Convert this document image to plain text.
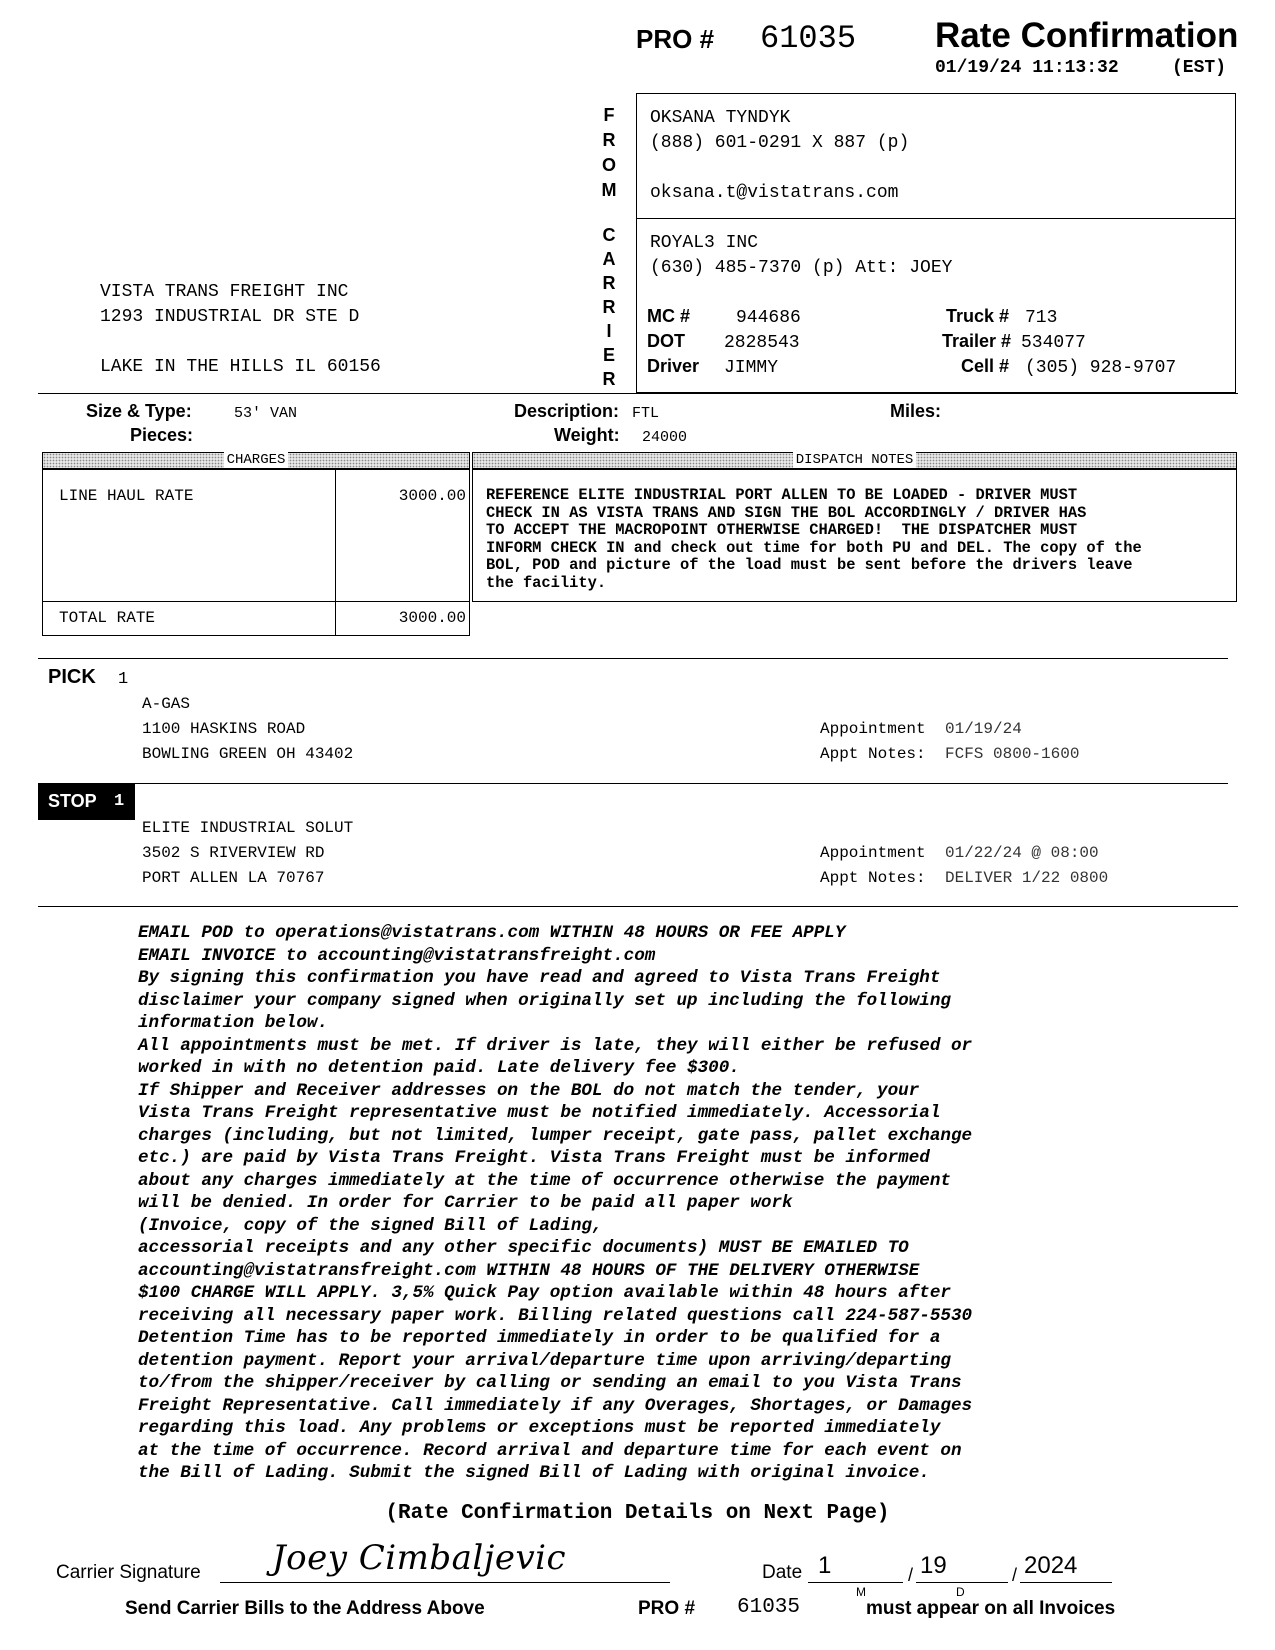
PRO # 61035 Rate Confirmation
01/19/24 11:13:32	(EST)
F
R
O
M
C
A
R
R
I
E
R
VISTA TRANS FREIGHT INC
1293 INDUSTRIAL DR STE D
LAKE IN THE HILLS IL 60156
OKSANA TYNDYK
(888) 601-0291 X 887 (p)
oksana.t@vistatrans.com
ROYAL3 INC
(630) 485-7370 (p) Att: JOEY
MC #	944686
DOT 2828543
Driver JIMMY
Truck # 713
Trailer # 534077
Cell # (305) 928-9707
Size & Type:	53' VAN
Pieces:
Description: FTL
Weight: 24000
Miles:
CHARGES
LINE HAUL RATE	3000.00
TOTAL RATE	3000.00
DISPATCH NOTES
REFERENCE ELITE INDUSTRIAL PORT ALLEN TO BE LOADED - DRIVER MUST
CHECK IN AS VISTA TRANS AND SIGN THE BOL ACCORDINGLY / DRIVER HAS
TO ACCEPT THE MACROPOINT OTHERWISE CHARGED!  THE DISPATCHER MUST
INFORM CHECK IN and check out time for both PU and DEL. The copy of the
BOL, POD and picture of the load must be sent before the drivers leave
the facility.
PICK 1
A-GAS
1100 HASKINS ROAD
BOWLING GREEN OH 43402
Appointment 01/19/24
Appt Notes: FCFS 0800-1600
STOP 1
ELITE INDUSTRIAL SOLUT
3502 S RIVERVIEW RD
PORT ALLEN LA 70767
Appointment 01/22/24 @ 08:00
Appt Notes: DELIVER 1/22 0800
EMAIL POD to operations@vistatrans.com WITHIN 48 HOURS OR FEE APPLY
EMAIL INVOICE to accounting@vistatransfreight.com
By signing this confirmation you have read and agreed to Vista Trans Freight
disclaimer your company signed when originally set up including the following
information below.
All appointments must be met. If driver is late, they will either be refused or
worked in with no detention paid. Late delivery fee $300.
If Shipper and Receiver addresses on the BOL do not match the tender, your
Vista Trans Freight representative must be notified immediately. Accessorial
charges (including, but not limited, lumper receipt, gate pass, pallet exchange
etc.) are paid by Vista Trans Freight. Vista Trans Freight must be informed
about any charges immediately at the time of occurrence otherwise the payment
will be denied. In order for Carrier to be paid all paper work
(Invoice, copy of the signed Bill of Lading,
accessorial receipts and any other specific documents) MUST BE EMAILED TO
accounting@vistatransfreight.com WITHIN 48 HOURS OF THE DELIVERY OTHERWISE
$100 CHARGE WILL APPLY. 3,5% Quick Pay option available within 48 hours after
receiving all necessary paper work. Billing related questions call 224-587-5530
Detention Time has to be reported immediately in order to be qualified for a
detention payment. Report your arrival/departure time upon arriving/departing
to/from the shipper/receiver by calling or sending an email to you Vista Trans
Freight Representative. Call immediately if any Overages, Shortages, or Damages
regarding this load. Any problems or exceptions must be reported immediately
at the time of occurrence. Record arrival and departure time for each event on
the Bill of Lading. Submit the signed Bill of Lading with original invoice.
(Rate Confirmation Details on Next Page)
Carrier Signature Joey Cimbaljevic	Date 1
M
/ 19
D
/ 2024
Send Carrier Bills to the Address Above	PRO # 61035	must appear on all Invoices
